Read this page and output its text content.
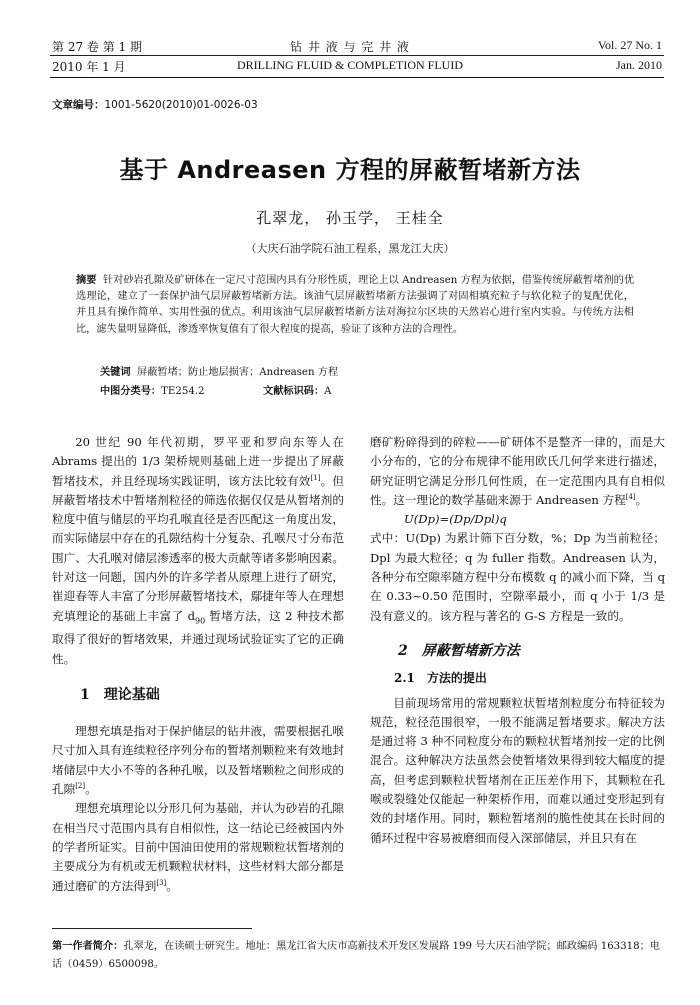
第 27 卷 第 1 期
2010 年 1 月
钻 井 液 与 完 井 液
DRILLING FLUID & COMPLETION FLUID
Vol. 27 No. 1
Jan. 2010
文章编号：1001-5620(2010)01-0026-03
基于 Andreasen 方程的屏蔽暂堵新方法
孔翠龙， 孙玉学， 王桂全
（大庆石油学院石油工程系，黑龙江大庆）
摘要 针对砂岩孔隙及矿研体在一定尺寸范围内具有分形性质，理论上以 Andreasen 方程为依据，借鉴传统屏蔽暂堵剂的优选理论，建立了一套保护油气层屏蔽暂堵新方法。该油气层屏蔽暂堵新方法强调了对固相填充粒子与软化粒子的复配优化，并且具有操作简单、实用性强的优点。利用该油气层屏蔽暂堵新方法对海拉尔区块的天然岩心进行室内实验。与传统方法相比，滤失量明显降低，渗透率恢复值有了很大程度的提高，验证了该种方法的合理性。
关键词 屏蔽暂堵；防止地层损害；Andreasen 方程
中图分类号：TE254.2	文献标识码：A

20 世纪 90 年代初期，罗平亚和罗向东等人在 Abrams 提出的 1/3 架桥规则基础上进一步提出了屏蔽暂堵技术，并且经现场实践证明，该方法比较有效[1]。但屏蔽暂堵技术中暂堵剂粒径的筛选依据仅仅是从暂堵剂的粒度中值与储层的平均孔喉直径是否匹配这一角度出发，而实际储层中存在的孔隙结构十分复杂、孔喉尺寸分布范围广、大孔喉对储层渗透率的极大贡献等诸多影响因素。针对这一问题，国内外的许多学者从原理上进行了研究，崔迎春等人丰富了分形屏蔽暂堵技术，鄢捷年等人在理想充填理论的基础上丰富了 $d_{90}$ 暂堵方法，这 2 种技术都取得了很好的暂堵效果，并通过现场试验证实了它的正确性。

1　理论基础

理想充填是指对于保护储层的钻井液，需要根据孔喉尺寸加入具有连续粒径序列分布的暂堵剂颗粒来有效地封堵储层中大小不等的各种孔喉，以及暂堵颗粒之间形成的孔隙[2]。

理想充填理论以分形几何为基础，并认为砂岩的孔隙在相当尺寸范围内具有自相似性，这一结论已经被国内外的学者所证实。目前中国油田使用的常规颗粒状暂堵剂的主要成分为有机或无机颗粒状材料，这些材料大部分都是通过磨矿的方法得到[3]。

磨矿粉碎得到的碎粒——矿研体不是整齐一律的，而是大小分布的，它的分布规律不能用欧氏几何学来进行描述，研究证明它满足分形几何性质，在一定范围内具有自相似性。这一理论的数学基础来源于 Andreasen 方程[4]。

U(Dp)=(Dp/Dpl)q

式中：U(Dp) 为累计筛下百分数，%；Dp 为当前粒径；Dpl 为最大粒径；q 为 fuller 指数。Andreasen 认为，各种分布空隙率随方程中分布模数 q 的减小而下降，当 q 在 0.33~0.50 范围时，空隙率最小，而 q 小于 1/3 是没有意义的。该方程与著名的 G-S 方程是一致的。

2　屏蔽暂堵新方法

2.1　方法的提出

目前现场常用的常规颗粒状暂堵剂粒度分布特征较为规范，粒径范围很窄，一般不能满足暂堵要求。解决方法是通过将 3 种不同粒度分布的颗粒状暂堵剂按一定的比例混合。这种解决方法虽然会使暂堵效果得到较大幅度的提高，但考虑到颗粒状暂堵剂在正压差作用下，其颗粒在孔喉或裂缝处仅能起一种架桥作用，而难以通过变形起到有效的封堵作用。同时，颗粒暂堵剂的脆性使其在长时间的循环过程中容易被磨细而侵入深部储层，并且只有在

第一作者简介：孔翠龙，在读硕士研究生。地址：黑龙江省大庆市高新技术开发区发展路 199 号大庆石油学院；邮政编码 163318；电话（0459）6500098。
